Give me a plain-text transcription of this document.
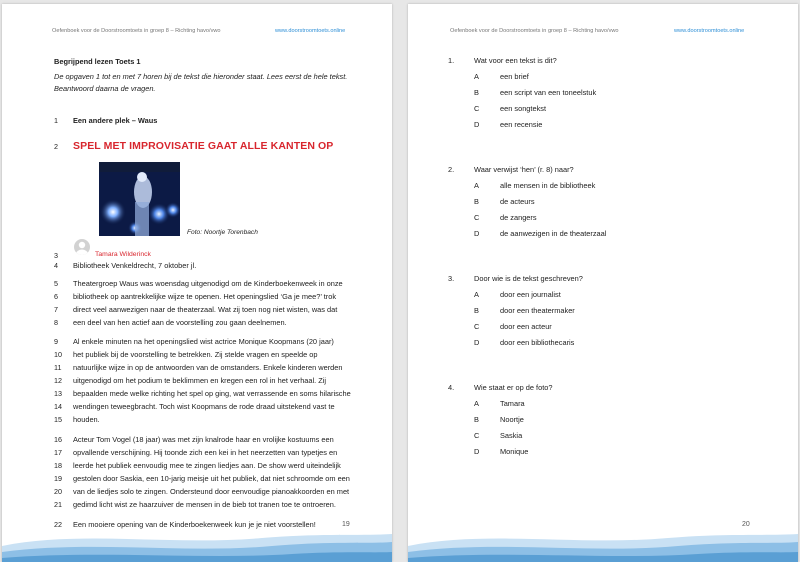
Oefenboek voor de Doorstroomtoets in groep 8 – Richting havo/vwo	www.doorstroomtoets.online
Begrijpend lezen Toets 1
De opgaven 1 tot en met 7 horen bij de tekst die hieronder staat. Lees eerst de hele tekst.
Beantwoord daarna de vragen.
1	Een andere plek – Waus
2	SPEL MET IMPROVISATIE GAAT ALLE KANTEN OP
Foto: Noortje Torenbach
3	Tamara Wilderinck
4	Bibliotheek Venkeldrecht, 7 oktober jl.
5	Theatergroep Waus was woensdag uitgenodigd om de Kinderboekenweek in onze
6	bibliotheek op aantrekkelijke wijze te openen. Het openingslied ‘Ga je mee?’ trok
7	direct veel aanwezigen naar de theaterzaal. Wat zij toen nog niet wisten, was dat
8	een deel van hen actief aan de voorstelling zou gaan deelnemen.
9	Al enkele minuten na het openingslied wist actrice Monique Koopmans (20 jaar)
10	het publiek bij de voorstelling te betrekken. Zij stelde vragen en speelde op
11	natuurlijke wijze in op de antwoorden van de omstanders. Enkele kinderen werden
12	uitgenodigd om het podium te beklimmen en kregen een rol in het verhaal. Zij
13	bepaalden mede welke richting het spel op ging, wat verrassende en soms hilarische
14	wendingen teweegbracht. Toch wist Koopmans de rode draad uitstekend vast te
15	houden.
16	Acteur Tom Vogel (18 jaar) was met zijn knalrode haar en vrolijke kostuums een
17	opvallende verschijning. Hij toonde zich een kei in het neerzetten van typetjes en
18	leerde het publiek eenvoudig mee te zingen liedjes aan. De show werd uiteindelijk
19	gestolen door Saskia, een 10-jarig meisje uit het publiek, dat niet schroomde om een
20	van de liedjes solo te zingen. Ondersteund door eenvoudige pianoakkoorden en met
21	gedimd licht wist ze haarzuiver de mensen in de bieb tot tranen toe te ontroeren.
22	Een mooiere opening van de Kinderboekenweek kun je je niet voorstellen!	19
Oefenboek voor de Doorstroomtoets in groep 8 – Richting havo/vwo	www.doorstroomtoets.online
1.	Wat voor een tekst is dit?
A	een brief
B	een script van een toneelstuk
C	een songtekst
D	een recensie
2.	Waar verwijst ‘hen’ (r. 8) naar?
A	alle mensen in de bibliotheek
B	de acteurs
C	de zangers
D	de aanwezigen in de theaterzaal
3.	Door wie is de tekst geschreven?
A	door een journalist
B	door een theatermaker
C	door een acteur
D	door een bibliothecaris
4.	Wie staat er op de foto?
A	Tamara
B	Noortje
C	Saskia
D	Monique
20
